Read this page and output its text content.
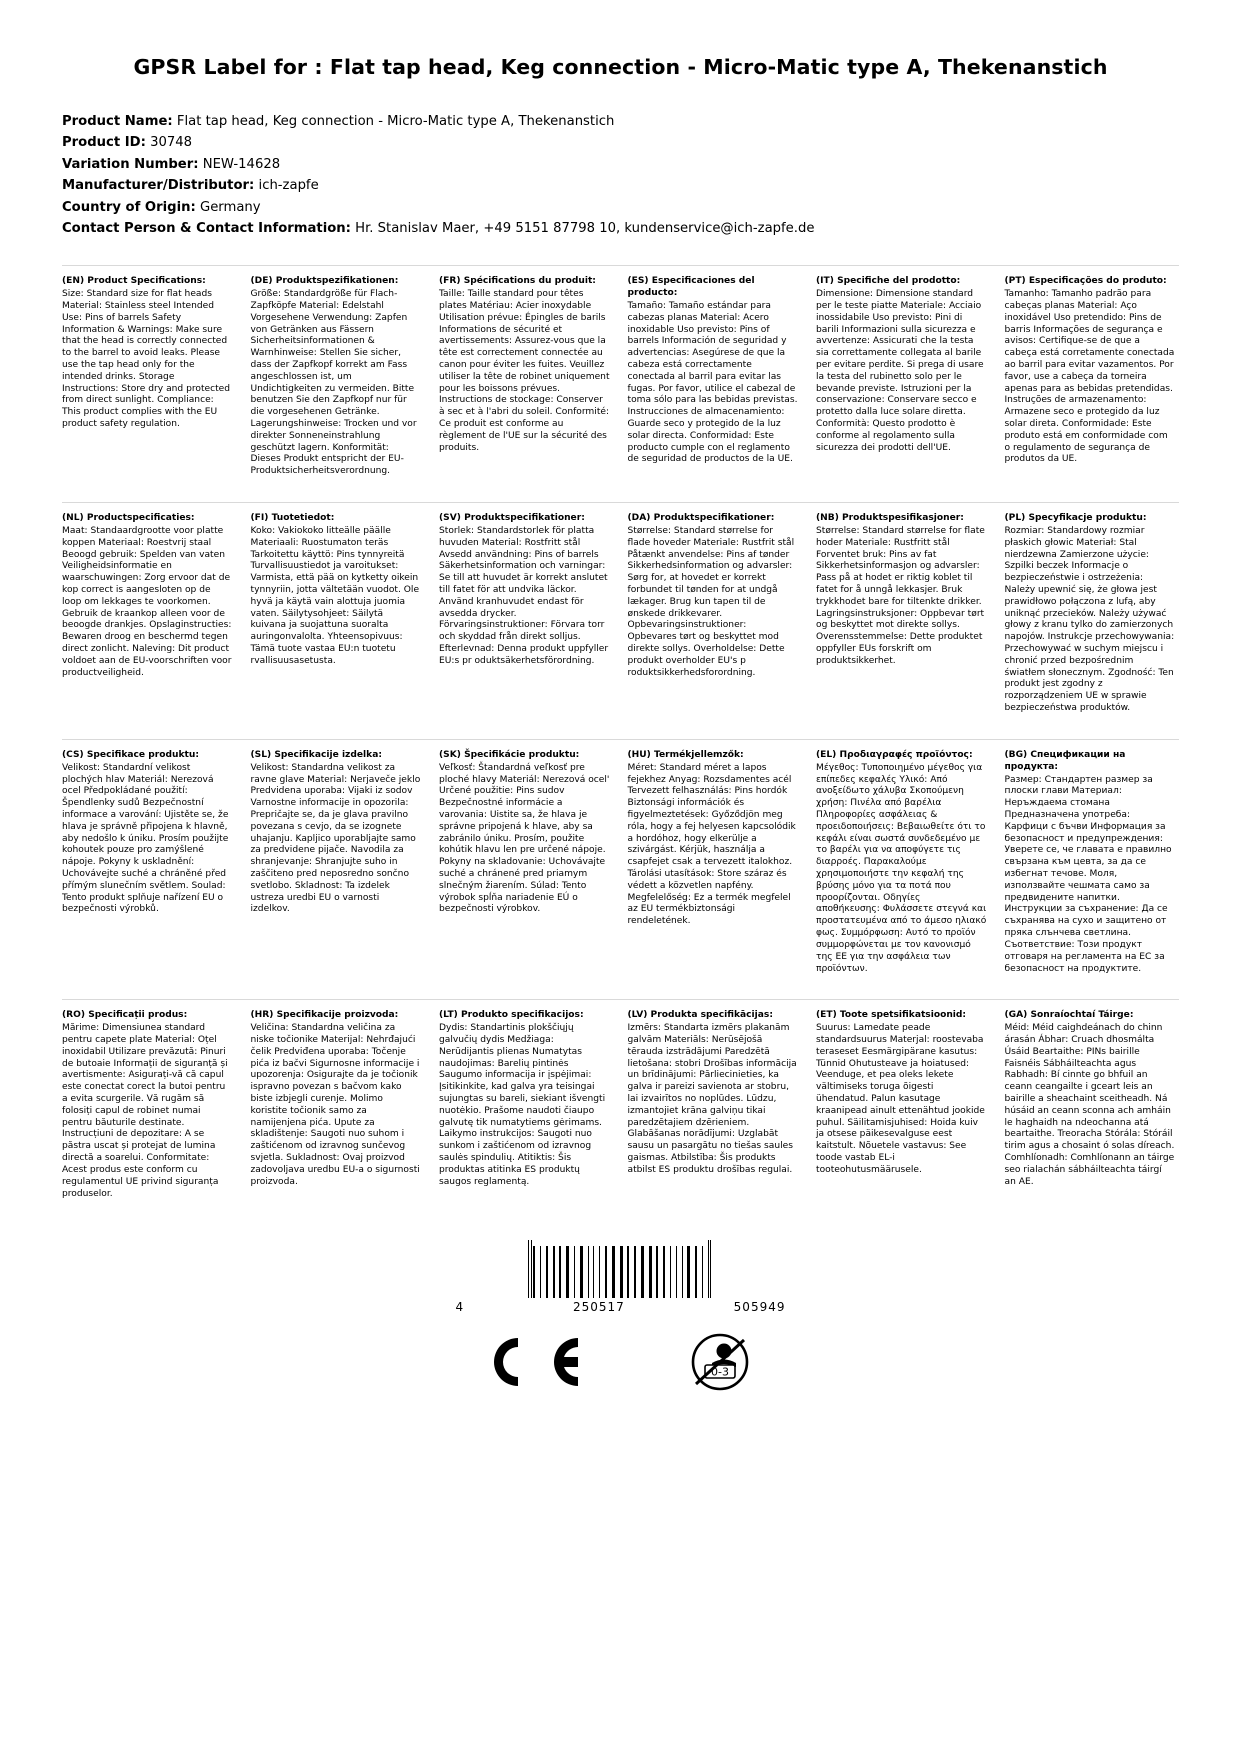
GPSR Label for : Flat tap head, Keg connection - Micro-Matic type A, Thekenanstich
Product Name: Flat tap head, Keg connection - Micro-Matic type A, Thekenanstich
Product ID: 30748
Variation Number: NEW-14628
Manufacturer/Distributor: ich-zapfe
Country of Origin: Germany
Contact Person & Contact Information: Hr. Stanislav Maer, +49 5151 87798 10, kundenservice@ich-zapfe.de
(EN) Product Specifications:

Size: Standard size for flat heads Material: Stainless steel Intended Use: Pins of barrels Safety Information & Warnings: Make sure that the head is correctly connected to the barrel to avoid leaks. Please use the tap head only for the intended drinks. Storage Instructions: Store dry and protected from direct sunlight. Compliance: This product complies with the EU product safety regulation.

(DE) Produktspezifikationen:

Größe: Standardgröße für Flach-Zapfköpfe Material: Edelstahl Vorgesehene Verwendung: Zapfen von Getränken aus Fässern Sicherheitsinformationen & Warnhinweise: Stellen Sie sicher, dass der Zapfkopf korrekt am Fass angeschlossen ist, um Undichtigkeiten zu vermeiden. Bitte benutzen Sie den Zapfkopf nur für die vorgesehenen Getränke. Lagerungshinweise: Trocken und vor direkter Sonneneinstrahlung geschützt lagern. Konformität: Dieses Produkt entspricht der EU-Produktsicherheitsverordnung.

(FR) Spécifications du produit:

Taille: Taille standard pour têtes plates Matériau: Acier inoxydable Utilisation prévue: Épingles de barils Informations de sécurité et avertissements: Assurez-vous que la tête est correctement connectée au canon pour éviter les fuites. Veuillez utiliser la tête de robinet uniquement pour les boissons prévues. Instructions de stockage: Conserver à sec et à l'abri du soleil. Conformité: Ce produit est conforme au règlement de l'UE sur la sécurité des produits.

(ES) Especificaciones del producto:

Tamaño: Tamaño estándar para cabezas planas Material: Acero inoxidable Uso previsto: Pins of barrels Información de seguridad y advertencias: Asegúrese de que la cabeza está correctamente conectada al barril para evitar las fugas. Por favor, utilice el cabezal de toma sólo para las bebidas previstas. Instrucciones de almacenamiento: Guarde seco y protegido de la luz solar directa. Conformidad: Este producto cumple con el reglamento de seguridad de productos de la UE.

(IT) Specifiche del prodotto:

Dimensione: Dimensione standard per le teste piatte Materiale: Acciaio inossidabile Uso previsto: Pini di barili Informazioni sulla sicurezza e avvertenze: Assicurati che la testa sia correttamente collegata al barile per evitare perdite. Si prega di usare la testa del rubinetto solo per le bevande previste. Istruzioni per la conservazione: Conservare secco e protetto dalla luce solare diretta. Conformità: Questo prodotto è conforme al regolamento sulla sicurezza dei prodotti dell'UE.

(PT) Especificações do produto:

Tamanho: Tamanho padrão para cabeças planas Material: Aço inoxidável Uso pretendido: Pins de barris Informações de segurança e avisos: Certifique-se de que a cabeça está corretamente conectada ao barril para evitar vazamentos. Por favor, use a cabeça da torneira apenas para as bebidas pretendidas. Instruções de armazenamento: Armazene seco e protegido da luz solar direta. Conformidade: Este produto está em conformidade com o regulamento de segurança de produtos da UE.

(NL) Productspecificaties:

Maat: Standaardgrootte voor platte koppen Materiaal: Roestvrij staal Beoogd gebruik: Spelden van vaten Veiligheidsinformatie en waarschuwingen: Zorg ervoor dat de kop correct is aangesloten op de loop om lekkages te voorkomen. Gebruik de kraankop alleen voor de beoogde drankjes. Opslaginstructies: Bewaren droog en beschermd tegen direct zonlicht. Naleving: Dit product voldoet aan de EU-voorschriften voor productveiligheid.

(FI) Tuotetiedot:

Koko: Vakiokoko litteälle päälle Materiaali: Ruostumaton teräs Tarkoitettu käyttö: Pins tynnyreitä Turvallisuustiedot ja varoitukset: Varmista, että pää on kytketty oikein tynnyriin, jotta vältetään vuodot. Ole hyvä ja käytä vain alottuja juomia vaten. Säilytysohjeet: Säilytä kuivana ja suojattuna suoralta auringonvalolta. Yhteensopivuus: Tämä tuote vastaa EU:n tuotetu rvallisuusasetusta.

(SV) Produktspecifikationer:

Storlek: Standardstorlek för platta huvuden Material: Rostfritt stål Avsedd användning: Pins of barrels Säkerhetsinformation och varningar: Se till att huvudet är korrekt anslutet till fatet för att undvika läckor. Använd kranhuvudet endast för avsedda drycker. Förvaringsinstruktioner: Förvara torr och skyddad från direkt solljus. Efterlevnad: Denna produkt uppfyller EU:s pr oduktsäkerhetsförordning.

(DA) Produktspecifikationer:

Størrelse: Standard størrelse for flade hoveder Materiale: Rustfrit stål Påtænkt anvendelse: Pins af tønder Sikkerhedsinformation og advarsler: Sørg for, at hovedet er korrekt forbundet til tønden for at undgå lækager. Brug kun tapen til de ønskede drikkevarer. Opbevaringsinstruktioner: Opbevares tørt og beskyttet mod direkte sollys. Overholdelse: Dette produkt overholder EU's p roduktsikkerhedsforordning.

(NB) Produktspesifikasjoner:

Størrelse: Standard størrelse for flate hoder Materiale: Rustfritt stål Forventet bruk: Pins av fat Sikkerhetsinformasjon og advarsler: Pass på at hodet er riktig koblet til fatet for å unngå lekkasjer. Bruk trykkhodet bare for tiltenkte drikker. Lagringsinstruksjoner: Oppbevar tørt og beskyttet mot direkte sollys. Overensstemmelse: Dette produktet oppfyller EUs forskrift om produktsikkerhet.

(PL) Specyfikacje produktu:

Rozmiar: Standardowy rozmiar płaskich głowic Materiał: Stal nierdzewna Zamierzone użycie: Szpilki beczek Informacje o bezpieczeństwie i ostrzeżenia: Należy upewnić się, że głowa jest prawidłowo połączona z lufą, aby uniknąć przecieków. Należy używać głowy z kranu tylko do zamierzonych napojów. Instrukcje przechowywania: Przechowywać w suchym miejscu i chronić przed bezpośrednim światłem słonecznym. Zgodność: Ten produkt jest zgodny z rozporządzeniem UE w sprawie bezpieczeństwa produktów.

(CS) Specifikace produktu:

Velikost: Standardní velikost plochých hlav Materiál: Nerezová ocel Předpokládané použití: Špendlenky sudů Bezpečnostní informace a varování: Ujistěte se, že hlava je správně připojena k hlavně, aby nedošlo k úniku. Prosím použijte kohoutek pouze pro zamýšlené nápoje. Pokyny k uskladnění: Uchovávejte suché a chráněné před přímým slunečním světlem. Soulad: Tento produkt splňuje nařízení EU o bezpečnosti výrobků.

(SL) Specifikacije izdelka:

Velikost: Standardna velikost za ravne glave Material: Nerjaveče jeklo Predvidena uporaba: Vijaki iz sodov Varnostne informacije in opozorila: Prepričajte se, da je glava pravilno povezana s cevjo, da se izognete uhajanju. Kapljico uporabljajte samo za predvidene pijače. Navodila za shranjevanje: Shranjujte suho in zaščiteno pred neposredno sončno svetlobo. Skladnost: Ta izdelek ustreza uredbi EU o varnosti izdelkov.

(SK) Špecifikácie produktu:

Veľkosť: Štandardná veľkosť pre ploché hlavy Materiál: Nerezová ocel' Určené použitie: Pins sudov Bezpečnostné informácie a varovania: Uistite sa, že hlava je správne pripojená k hlave, aby sa zabránilo úniku. Prosím, použite kohútik hlavu len pre určené nápoje. Pokyny na skladovanie: Uchovávajte suché a chránené pred priamym slnečným žiarením. Súlad: Tento výrobok spĺňa nariadenie EÚ o bezpečnosti výrobkov.

(HU) Termékjellemzők:

Méret: Standard méret a lapos fejekhez Anyag: Rozsdamentes acél Tervezett felhasználás: Pins hordók Biztonsági információk és figyelmeztetések: Győződjön meg róla, hogy a fej helyesen kapcsolódik a hordóhoz, hogy elkerülje a szivárgást. Kérjük, használja a csapfejet csak a tervezett italokhoz. Tárolási utasítások: Store száraz és védett a közvetlen napfény. Megfelelőség: Ez a termék megfelel az EU termékbiztonsági rendeletének.

(EL) Προδιαγραφές προϊόντος:

Μέγεθος: Τυποποιημένο μέγεθος για επίπεδες κεφαλές Υλικό: Από ανοξείδωτο χάλυβα Σκοπούμενη χρήση: Πινέλα από βαρέλια Πληροφορίες ασφάλειας & προειδοποιήσεις: Βεβαιωθείτε ότι το κεφάλι είναι σωστά συνδεδεμένο με το βαρέλι για να αποφύγετε τις διαρροές. Παρακαλούμε χρησιμοποιήστε την κεφαλή της βρύσης μόνο για τα ποτά που προορίζονται. Οδηγίες αποθήκευσης: Φυλάσσετε στεγνά και προστατευμένα από το άμεσο ηλιακό φως. Συμμόρφωση: Αυτό το προϊόν συμμορφώνεται με τον κανονισμό της ΕΕ για την ασφάλεια των προϊόντων.

(BG) Спецификации на продукта:

Размер: Стандартен размер за плоски глави Материал: Неръждаема стомана Предназначена употреба: Карфици с бъчви Информация за безопасност и предупреждения: Уверете се, че главата е правилно свързана към цевта, за да се избегнат течове. Моля, използвайте чешмата само за предвидените напитки. Инструкции за съхранение: Да се съхранява на сухо и защитено от пряка слънчева светлина. Съответствие: Този продукт отговаря на регламента на ЕС за безопасност на продуктите.

(RO) Specificații produs:

Mărime: Dimensiunea standard pentru capete plate Material: Oțel inoxidabil Utilizare prevăzută: Pinuri de butoaie Informații de siguranță și avertismente: Asigurați-vă că capul este conectat corect la butoi pentru a evita scurgerile. Vă rugăm să folosiți capul de robinet numai pentru băuturile destinate. Instrucțiuni de depozitare: A se păstra uscat și protejat de lumina directă a soarelui. Conformitate: Acest produs este conform cu regulamentul UE privind siguranța produselor.

(HR) Specifikacije proizvoda:

Veličina: Standardna veličina za niske točionike Materijal: Nehrđajući čelik Predviđena uporaba: Točenje pića iz bačvi Sigurnosne informacije i upozorenja: Osigurajte da je točionik ispravno povezan s bačvom kako biste izbjegli curenje. Molimo koristite točionik samo za namijenjena pića. Upute za skladištenje: Saugoti nuo suhom i zaštićenom od izravnog sunčevog svjetla. Sukladnost: Ovaj proizvod zadovoljava uredbu EU-a o sigurnosti proizvoda.

(LT) Produkto specifikacijos:

Dydis: Standartinis plokščiųjų galvučių dydis Medžiaga: Nerūdijantis plienas Numatytas naudojimas: Barelių pintinės Saugumo informacija ir įspėjimai: Įsitikinkite, kad galva yra teisingai sujungtas su bareli, siekiant išvengti nuotėkio. Prašome naudoti čiaupo galvutę tik numatytiems gėrimams. Laikymo instrukcijos: Saugoti nuo sunkom i zaštićenom od izravnog saulės spindulių. Atitiktis: Šis produktas atitinka ES produktų saugos reglamentą.

(LV) Produkta specifikācijas:

Izmērs: Standarta izmērs plakanām galvām Materiāls: Nerūsējošā tērauda izstrādājumi Paredzētā lietošana: stobri Drošības informācija un brīdinājumi: Pārliecinieties, ka galva ir pareizi savienota ar stobru, lai izvairītos no noplūdes. Lūdzu, izmantojiet krāna galviņu tikai paredzētajiem dzērieniem. Glabāšanas norādījumi: Uzglabāt sausu un pasargātu no tiešas saules gaismas. Atbilstība: Šis produkts atbilst ES produktu drošības regulai.

(ET) Toote spetsifikatsioonid:

Suurus: Lamedate peade standardsuurus Materjal: roostevaba teraseset Eesmärgipärane kasutus: Tünnid Ohutusteave ja hoiatused: Veenduge, et pea oleks lekete vältimiseks toruga õigesti ühendatud. Palun kasutage kraanipead ainult ettenähtud jookide puhul. Säilitamisjuhised: Hoida kuiv ja otsese päikesevalguse eest kaitstult. Nõuetele vastavus: See toode vastab EL-i tooteohutusmäärusele.

(GA) Sonraíochtaí Táirge:

Méid: Méid caighdeánach do chinn árasán Ábhar: Cruach dhosmálta Úsáid Beartaithe: PINs bairille Faisnéis Sábháilteachta agus Rabhadh: Bí cinnte go bhfuil an ceann ceangailte i gceart leis an bairille a sheachaint sceitheadh. Ná húsáid an ceann sconna ach amháin le haghaidh na ndeochanna atá beartaithe. Treoracha Stórála: Stóráil tirim agus a chosaint ó solas díreach. Comhlíonadh: Comhlíonann an táirge seo rialachán sábháilteachta táirgí an AE.

4	250517	505949
0-3
